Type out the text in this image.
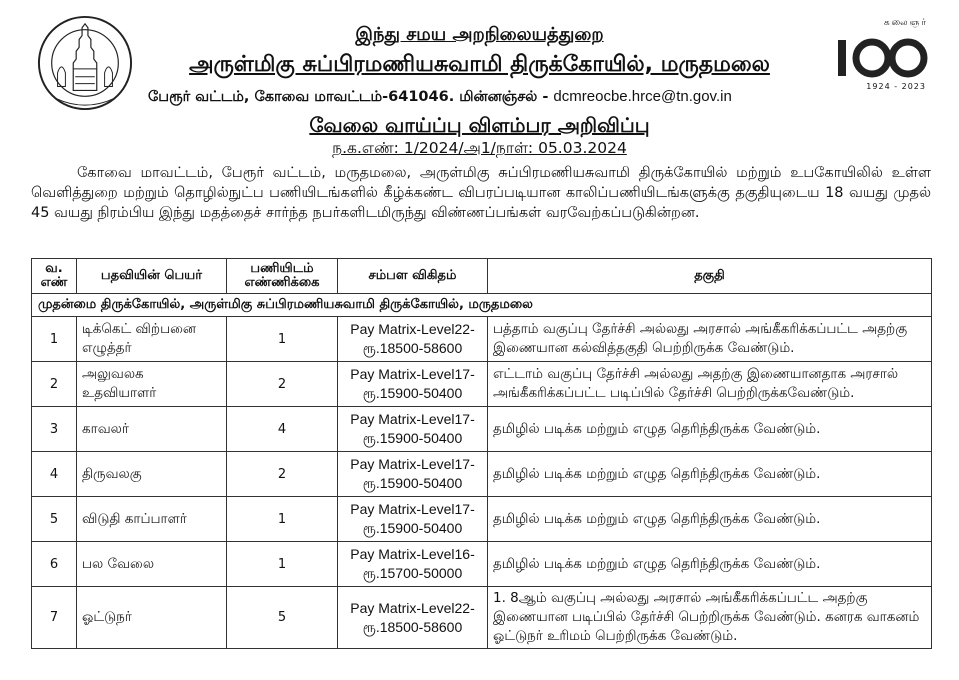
கலைஞர்
1924 - 2023
இந்து சமய அறநிலையத்துறை
அருள்மிகு சுப்பிரமணியசுவாமி திருக்கோயில், மருதமலை
பேரூர் வட்டம், கோவை மாவட்டம்-641046. மின்னஞ்சல் - dcmreocbe.hrce@tn.gov.in
வேலை வாய்ப்பு விளம்பர அறிவிப்பு
ந.க.எண்: 1/2024/அ1/நாள்: 05.03.2024
கோவை மாவட்டம், பேரூர் வட்டம், மருதமலை, அருள்மிகு சுப்பிரமணியசுவாமி திருக்கோயில் மற்றும் உபகோயிலில் உள்ள வெளித்துறை மற்றும் தொழில்நுட்ப பணியிடங்களில் கீழ்க்கண்ட விபரப்படியான காலிப்பணியிடங்களுக்கு தகுதியுடைய 18 வயது முதல் 45 வயது நிரம்பிய இந்து மதத்தைச் சார்ந்த நபர்களிடமிருந்து விண்ணப்பங்கள் வரவேற்கப்படுகின்றன.
வ.
எண்	பதவியின் பெயர்	பணியிடம்
எண்ணிக்கை	சம்பள விகிதம்	தகுதி
முதன்மை திருக்கோயில், அருள்மிகு சுப்பிரமணியசுவாமி திருக்கோயில், மருதமலை				
1	டிக்கெட் விற்பனை எழுத்தர்	1	Pay Matrix-Level22-
ரூ.18500-58600	பத்தாம் வகுப்பு தேர்ச்சி அல்லது அரசால் அங்கீகரிக்கப்பட்ட அதற்கு இணையான கல்வித்தகுதி பெற்றிருக்க வேண்டும்.
2	அலுவலக உதவியாளர்	2	Pay Matrix-Level17-
ரூ.15900-50400	எட்டாம் வகுப்பு தேர்ச்சி அல்லது அதற்கு இணையானதாக அரசால் அங்கீகரிக்கப்பட்ட படிப்பில் தேர்ச்சி பெற்றிருக்கவேண்டும்.
3	காவலர்	4	Pay Matrix-Level17-
ரூ.15900-50400	தமிழில் படிக்க மற்றும் எழுத தெரிந்திருக்க வேண்டும்.
4	திருவலகு	2	Pay Matrix-Level17-
ரூ.15900-50400	தமிழில் படிக்க மற்றும் எழுத தெரிந்திருக்க வேண்டும்.
5	விடுதி காப்பாளர்	1	Pay Matrix-Level17-
ரூ.15900-50400	தமிழில் படிக்க மற்றும் எழுத தெரிந்திருக்க வேண்டும்.
6	பல வேலை	1	Pay Matrix-Level16-
ரூ.15700-50000	தமிழில் படிக்க மற்றும் எழுத தெரிந்திருக்க வேண்டும்.
7	ஓட்டுநர்	5	Pay Matrix-Level22-
ரூ.18500-58600	1. 8ஆம் வகுப்பு அல்லது அரசால் அங்கீகரிக்கப்பட்ட அதற்கு இணையான படிப்பில் தேர்ச்சி பெற்றிருக்க வேண்டும். கனரக வாகனம் ஓட்டுநர் உரிமம் பெற்றிருக்க வேண்டும்.
